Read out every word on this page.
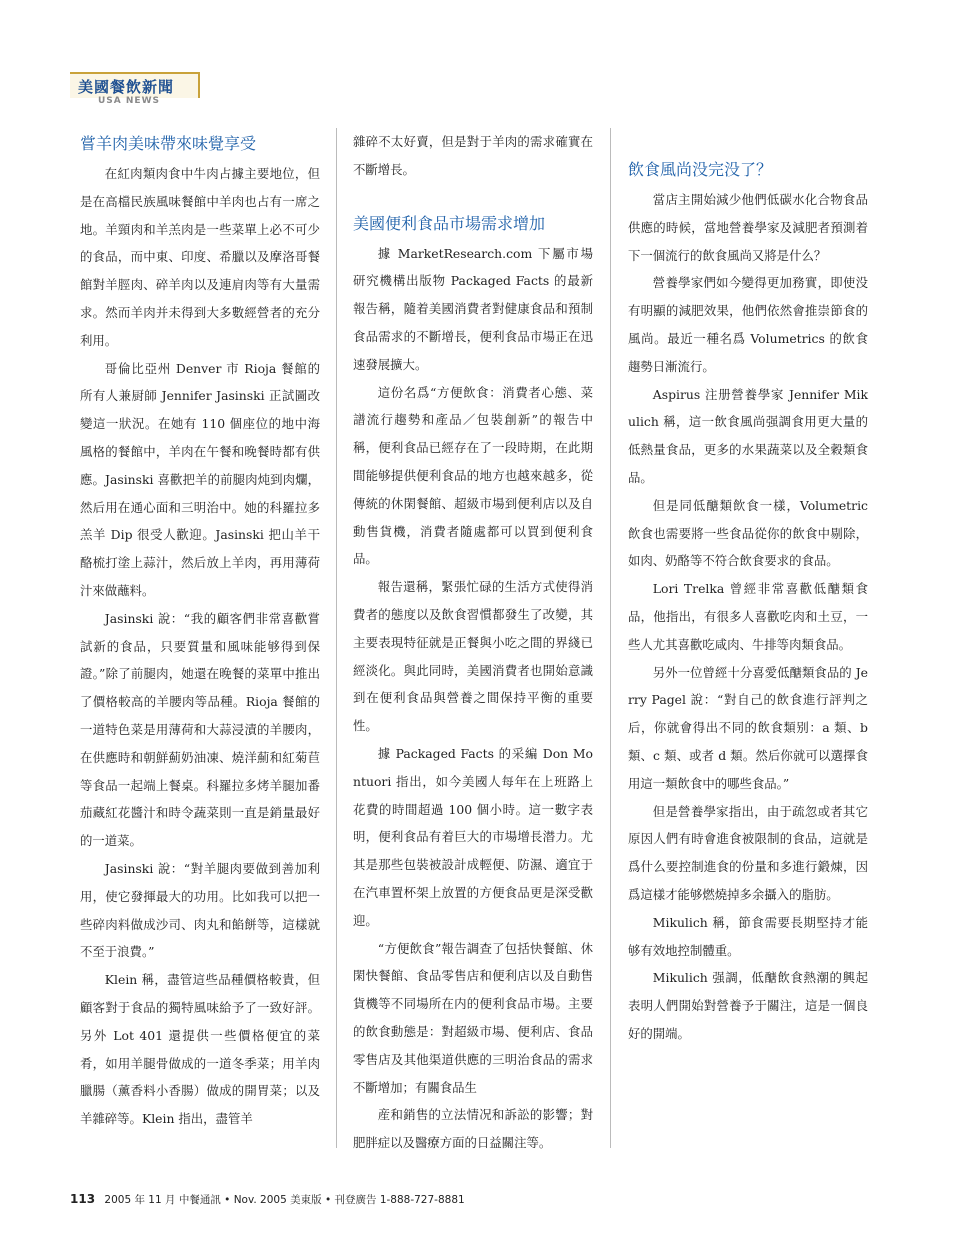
美國餐飲新聞
USA NEWS
嘗羊肉美味帶來味覺享受

在紅肉類肉食中牛肉占據主要地位，但是在高檔民族風味餐館中羊肉也占有一席之地。羊頸肉和羊羔肉是一些菜單上必不可少的食品，而中東、印度、希臘以及摩洛哥餐館對羊脛肉、碎羊肉以及連肩肉等有大量需求。然而羊肉并未得到大多數經營者的充分利用。

哥倫比亞州 Denver 市 Rioja 餐館的所有人兼厨師 Jennifer Jasinski 正試圖改變這一狀況。在她有 110 個座位的地中海風格的餐館中，羊肉在午餐和晚餐時都有供應。Jasinski 喜歡把羊的前腿肉炖到肉爛，然后用在通心面和三明治中。她的科羅拉多羔羊 Dip 很受人歡迎。Jasinski 把山羊干酪梳打塗上蒜汁，然后放上羊肉，再用薄荷汁來做蘸料。

Jasinski 說：“我的顧客們非常喜歡嘗試新的食品，只要質量和風味能够得到保證。”除了前腿肉，她還在晚餐的菜單中推出了價格較高的羊腰肉等品種。Rioja 餐館的一道特色菜是用薄荷和大蒜浸漬的羊腰肉，在供應時和朝鮮薊奶油凍、燒洋薊和紅菊苣等食品一起端上餐桌。科羅拉多烤羊腿加番茄藏紅花醬汁和時令蔬菜則一直是銷量最好的一道菜。

Jasinski 說：“對羊腿肉要做到善加利用，使它發揮最大的功用。比如我可以把一些碎肉料做成沙司、肉丸和餡餅等，這樣就不至于浪費。”

Klein 稱，盡管這些品種價格較貴，但顧客對于食品的獨特風味給予了一致好評。另外 Lot 401 還提供一些價格便宜的菜肴，如用羊腿骨做成的一道冬季菜；用羊肉臘腸（薰香料小香腸）做成的開胃菜；以及羊雜碎等。Klein 指出，盡管羊

雜碎不太好賣，但是對于羊肉的需求確實在不斷增長。

美國便利食品市場需求增加

據 MarketResearch.com 下屬市場研究機構出版物 Packaged Facts 的最新報告稱，隨着美國消費者對健康食品和預制食品需求的不斷增長，便利食品市場正在迅速發展擴大。

這份名爲“方便飲食：消費者心態、菜譜流行趨勢和產品／包裝創新”的報告中稱，便利食品已經存在了一段時期，在此期間能够提供便利食品的地方也越來越多，從傳統的休閑餐館、超級市場到便利店以及自動售貨機，消費者隨處都可以買到便利食品。

報告還稱，緊張忙碌的生活方式使得消費者的態度以及飲食習慣都發生了改變，其主要表現特征就是正餐與小吃之間的界綫已經淡化。與此同時，美國消費者也開始意識到在便利食品與營養之間保持平衡的重要性。

據 Packaged Facts 的采編 Don Montuori 指出，如今美國人每年在上班路上花費的時間超過 100 個小時。這一數字表明，便利食品有着巨大的市場增長潜力。尤其是那些包裝被設計成輕便、防濕、適宜于在汽車置杯架上放置的方便食品更是深受歡迎。

“方便飲食”報告調查了包括快餐館、休閑快餐館、食品零售店和便利店以及自動售貨機等不同場所在内的便利食品市場。主要的飲食動態是：對超級市場、便利店、食品零售店及其他渠道供應的三明治食品的需求不斷增加；有關食品生

産和銷售的立法情况和訴訟的影響；對肥胖症以及醫療方面的日益關注等。

飲食風尚没完没了？

當店主開始減少他們低碳水化合物食品供應的時候，當地營養學家及減肥者預測着下一個流行的飲食風尚又將是什么？

營養學家們如今變得更加務實，即使没有明顯的減肥效果，他們依然會推崇節食的風尚。最近一種名爲 Volumetrics 的飲食趨勢日漸流行。

Aspirus 注册營養學家 Jennifer Mikulich 稱，這一飲食風尚强調食用更大量的低熱量食品，更多的水果蔬菜以及全穀類食品。

但是同低醣類飲食一樣，Volumetric 飲食也需要將一些食品從你的飲食中剔除，如肉、奶酪等不符合飲食要求的食品。

Lori Trelka 曾經非常喜歡低醣類食品，他指出，有很多人喜歡吃肉和土豆，一些人尤其喜歡吃咸肉、牛排等肉類食品。

另外一位曾經十分喜愛低醣類食品的 Jerry Pagel 說：“對自己的飲食進行評判之后，你就會得出不同的飲食類别：a 類、b 類、c 類、或者 d 類。然后你就可以選擇食用這一類飲食中的哪些食品。”

但是營養學家指出，由于疏忽或者其它原因人們有時會進食被限制的食品，這就是爲什么要控制進食的份量和多進行鍛煉，因爲這樣才能够燃燒掉多余攝入的脂肪。

Mikulich 稱，節食需要長期堅持才能够有效地控制體重。

Mikulich 强調，低醣飲食熱潮的興起表明人們開始對營養予于關注，這是一個良好的開端。

113 2005 年 11 月 中餐通訊 • Nov. 2005 美東版 • 刊登廣告 1-888-727-8881
